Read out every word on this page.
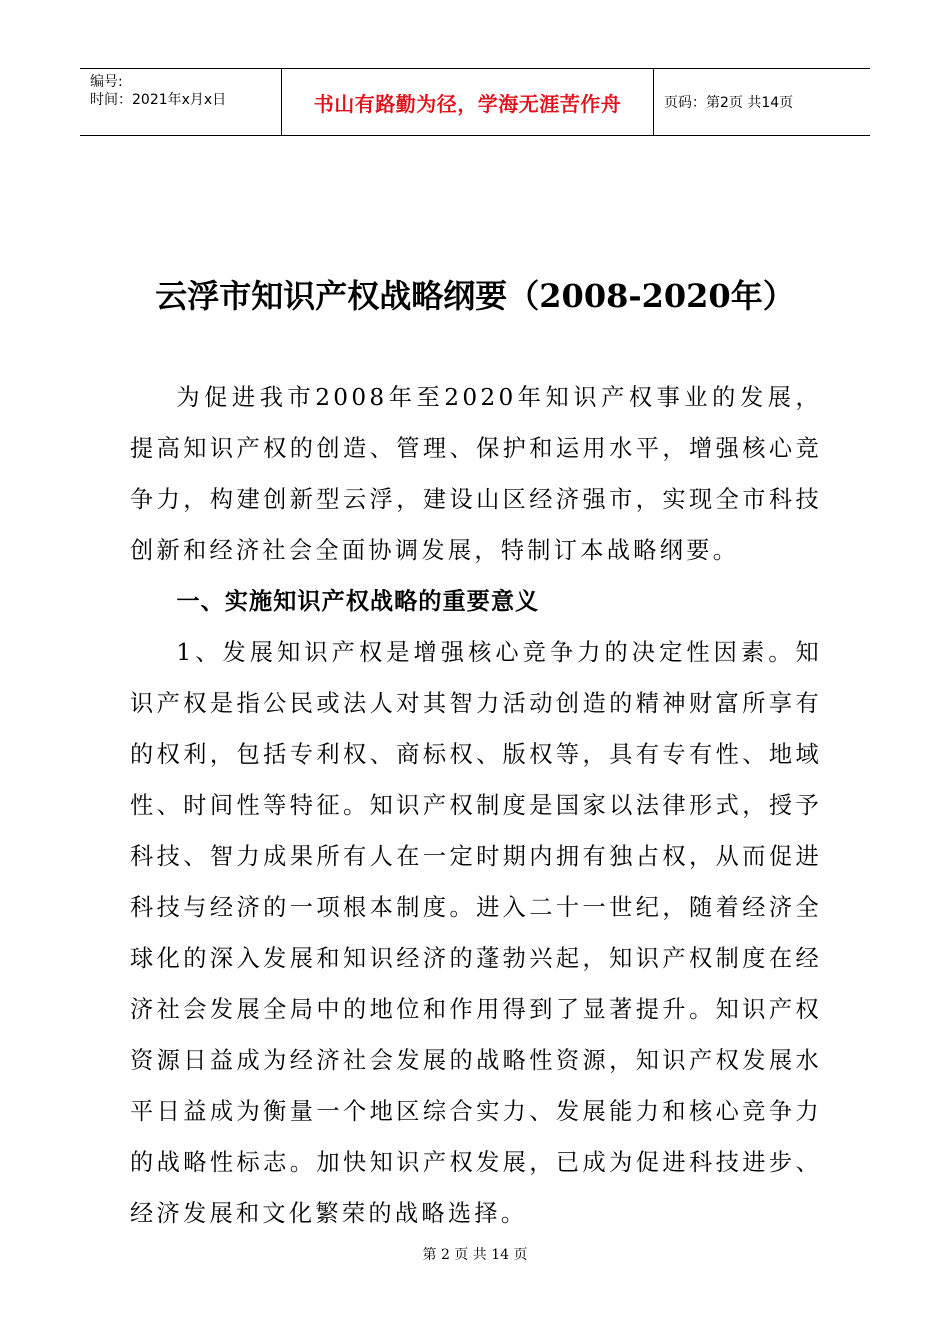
编号:
时间：2021年x月x日	书山有路勤为径，学海无涯苦作舟	页码：第2页 共14页
云浮市知识产权战略纲要（2008-2020年）

为促进我市2008年至2020年知识产权事业的发展，提高知识产权的创造、管理、保护和运用水平，增强核心竞争力，构建创新型云浮，建设山区经济强市，实现全市科技创新和经济社会全面协调发展，特制订本战略纲要。

一、实施知识产权战略的重要意义

1、发展知识产权是增强核心竞争力的决定性因素。知识产权是指公民或法人对其智力活动创造的精神财富所享有的权利，包括专利权、商标权、版权等，具有专有性、地域性、时间性等特征。知识产权制度是国家以法律形式，授予科技、智力成果所有人在一定时期内拥有独占权，从而促进科技与经济的一项根本制度。进入二十一世纪，随着经济全球化的深入发展和知识经济的蓬勃兴起，知识产权制度在经济社会发展全局中的地位和作用得到了显著提升。知识产权资源日益成为经济社会发展的战略性资源，知识产权发展水平日益成为衡量一个地区综合实力、发展能力和核心竞争力的战略性标志。加快知识产权发展，已成为促进科技进步、经济发展和文化繁荣的战略选择。

第 2 页 共 14 页
